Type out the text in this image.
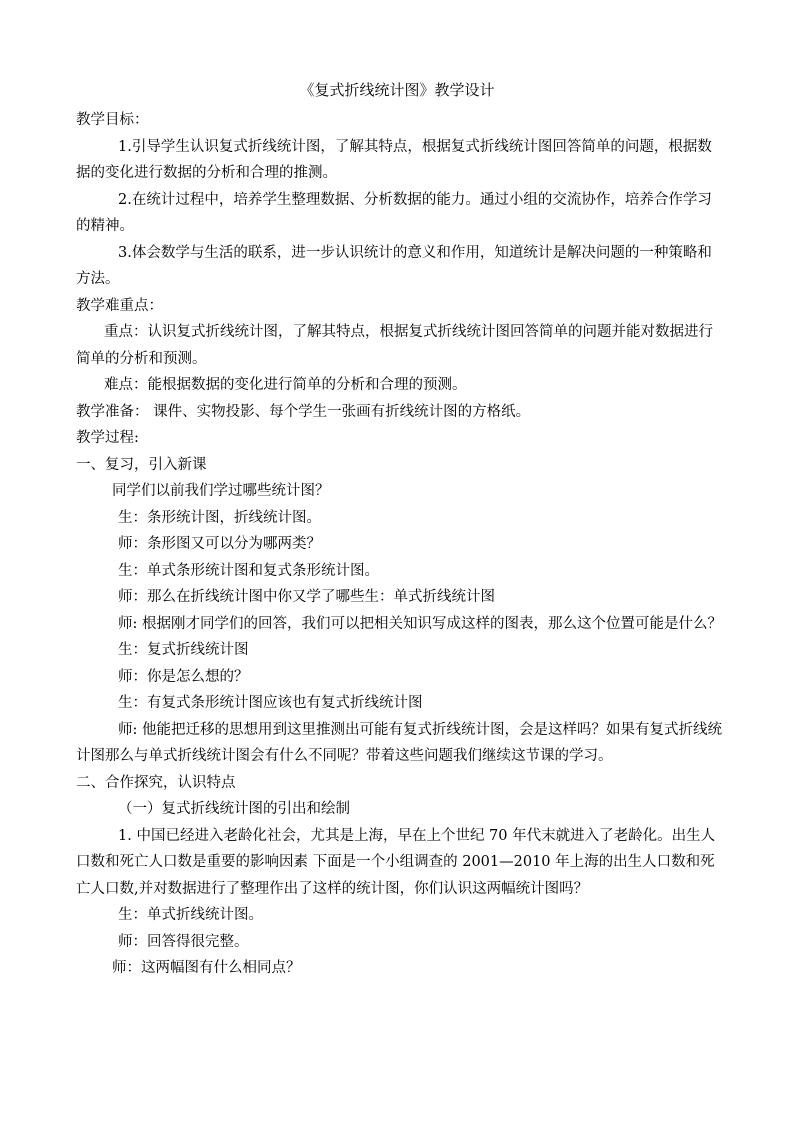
《复式折线统计图》教学设计

教学目标：

1.引导学生认识复式折线统计图，了解其特点，根据复式折线统计图回答简单的问题，根据数据的变化进行数据的分析和合理的推测。

2.在统计过程中，培养学生整理数据、分析数据的能力。通过小组的交流协作，培养合作学习的精神。

3.体会数学与生活的联系，进一步认识统计的意义和作用，知道统计是解决问题的一种策略和方法。

教学难重点：

重点：认识复式折线统计图，了解其特点，根据复式折线统计图回答简单的问题并能对数据进行简单的分析和预测。

难点：能根据数据的变化进行简单的分析和合理的预测。

教学准备： 课件、实物投影、每个学生一张画有折线统计图的方格纸。

教学过程:

一、复习，引入新课

同学们以前我们学过哪些统计图？

生：条形统计图，折线统计图。

师：条形图又可以分为哪两类？

生：单式条形统计图和复式条形统计图。

师：那么在折线统计图中你又学了哪些生：单式折线统计图

师: 根据刚才同学们的回答，我们可以把相关知识写成这样的图表，那么这个位置可能是什么？

生：复式折线统计图

师：你是怎么想的？

生：有复式条形统计图应该也有复式折线统计图

师: 他能把迁移的思想用到这里推测出可能有复式折线统计图，会是这样吗？如果有复式折线统计图那么与单式折线统计图会有什么不同呢？带着这些问题我们继续这节课的学习。

二、合作探究，认识特点

（一）复式折线统计图的引出和绘制

1. 中国已经进入老龄化社会，尤其是上海，早在上个世纪 70 年代末就进入了老龄化。出生人口数和死亡人口数是重要的影响因素 下面是一个小组调查的 2001—2010 年上海的出生人口数和死亡人口数,并对数据进行了整理作出了这样的统计图，你们认识这两幅统计图吗？

生：单式折线统计图。

师：回答得很完整。

师：这两幅图有什么相同点？
